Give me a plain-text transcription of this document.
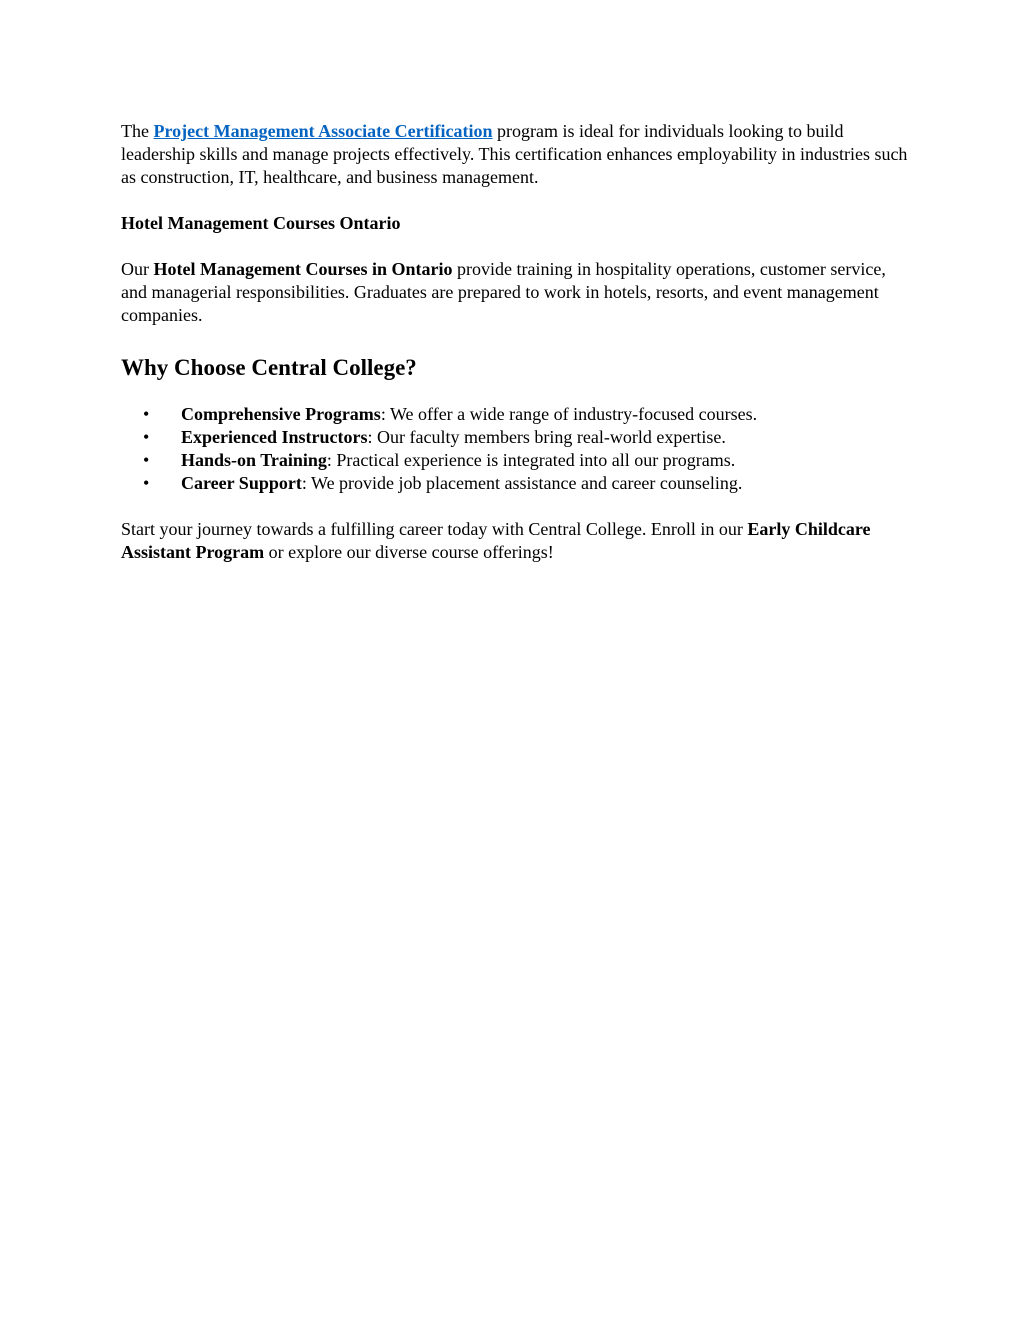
The Project Management Associate Certification program is ideal for individuals looking to build leadership skills and manage projects effectively. This certification enhances employability in industries such as construction, IT, healthcare, and business management.

Hotel Management Courses Ontario

Our Hotel Management Courses in Ontario provide training in hospitality operations, customer service, and managerial responsibilities. Graduates are prepared to work in hotels, resorts, and event management companies.

Why Choose Central College?
• Comprehensive Programs: We offer a wide range of industry-focused courses.
• Experienced Instructors: Our faculty members bring real-world expertise.
• Hands-on Training: Practical experience is integrated into all our programs.
• Career Support: We provide job placement assistance and career counseling.

Start your journey towards a fulfilling career today with Central College. Enroll in our Early Childcare Assistant Program or explore our diverse course offerings!
